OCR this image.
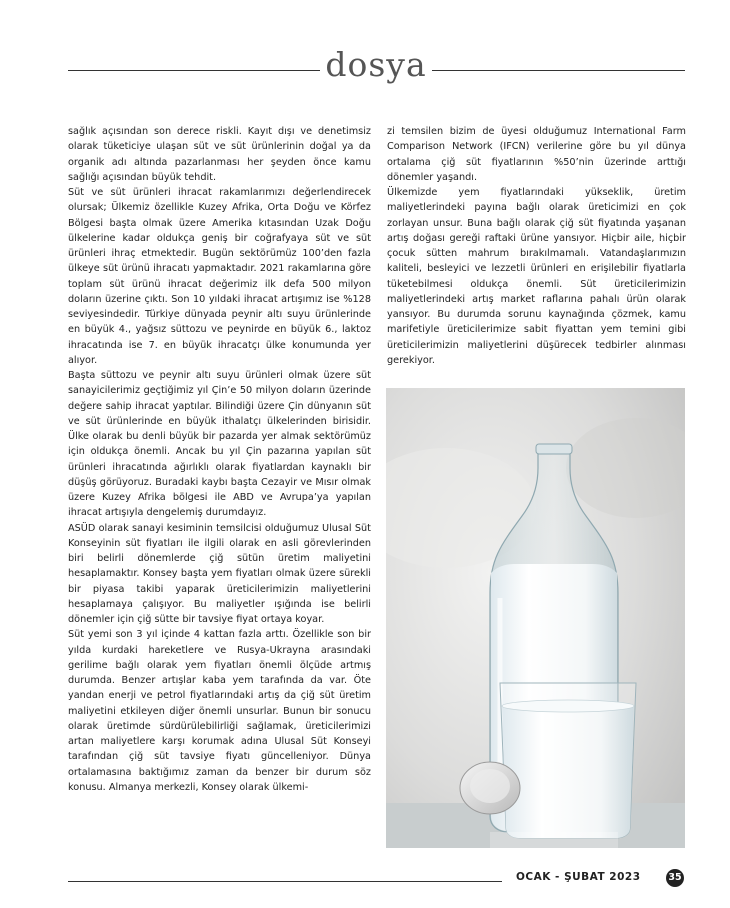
dosya

sağlık açısından son derece riskli. Kayıt dışı ve denetimsiz olarak tüketiciye ulaşan süt ve süt ürünlerinin doğal ya da organik adı altında pazarlanması her şeyden önce kamu sağlığı açısından büyük tehdit.

Süt ve süt ürünleri ihracat rakamlarımızı değerlendirecek olursak; Ülkemiz özellikle Kuzey Afrika, Orta Doğu ve Körfez Bölgesi başta olmak üzere Amerika kıtasından Uzak Doğu ülkelerine kadar oldukça geniş bir coğrafyaya süt ve süt ürünleri ihraç etmektedir. Bugün sektörümüz 100’den fazla ülkeye süt ürünü ihracatı yapmaktadır. 2021 rakamlarına göre toplam süt ürünü ihracat değerimiz ilk defa 500 milyon doların üzerine çıktı. Son 10 yıldaki ihracat artışımız ise %128 seviyesindedir. Türkiye dünyada peynir altı suyu ürünlerinde en büyük 4., yağsız süttozu ve peynirde en büyük 6., laktoz ihracatında ise 7. en büyük ihracatçı ülke konumunda yer alıyor.

Başta süttozu ve peynir altı suyu ürünleri olmak üzere süt sanayicilerimiz geçtiğimiz yıl Çin’e 50 milyon doların üzerinde değere sahip ihracat yaptılar. Bilindiği üzere Çin dünyanın süt ve süt ürünlerinde en büyük ithalatçı ülkelerinden birisidir. Ülke olarak bu denli büyük bir pazarda yer almak sektörümüz için oldukça önemli. Ancak bu yıl Çin pazarına yapılan süt ürünleri ihracatında ağırlıklı olarak fiyatlardan kaynaklı bir düşüş görüyoruz. Buradaki kaybı başta Cezayir ve Mısır olmak üzere Kuzey Afrika bölgesi ile ABD ve Avrupa’ya yapılan ihracat artışıyla dengelemiş durumdayız.

ASÜD olarak sanayi kesiminin temsilcisi olduğumuz Ulusal Süt Konseyinin süt fiyatları ile ilgili olarak en asli görevlerinden biri belirli dönemlerde çiğ sütün üretim maliyetini hesaplamaktır. Konsey başta yem fiyatları olmak üzere sürekli bir piyasa takibi yaparak üreticilerimizin maliyetlerini hesaplamaya çalışıyor. Bu maliyetler ışığında ise belirli dönemler için çiğ sütte bir tavsiye fiyat ortaya koyar.

Süt yemi son 3 yıl içinde 4 kattan fazla arttı. Özellikle son bir yılda kurdaki hareketlere ve Rusya-Ukrayna arasındaki gerilime bağlı olarak yem fiyatları önemli ölçüde artmış durumda. Benzer artışlar kaba yem tarafında da var. Öte yandan enerji ve petrol fiyatlarındaki artış da çiğ süt üretim maliyetini etkileyen diğer önemli unsurlar. Bunun bir sonucu olarak üretimde sürdürülebilirliği sağlamak, üreticilerimizi artan maliyetlere karşı korumak adına Ulusal Süt Konseyi tarafından çiğ süt tavsiye fiyatı güncelleniyor. Dünya ortalamasına baktığımız zaman da benzer bir durum söz konusu. Almanya merkezli, Konsey olarak ülkemi-

zi temsilen bizim de üyesi olduğumuz International Farm Comparison Network (IFCN) verilerine göre bu yıl dünya ortalama çiğ süt fiyatlarının %50’nin üzerinde arttığı dönemler yaşandı.

Ülkemizde yem fiyatlarındaki yükseklik, üretim maliyetlerindeki payına bağlı olarak üreticimizi en çok zorlayan unsur. Buna bağlı olarak çiğ süt fiyatında yaşanan artış doğası gereği raftaki ürüne yansıyor. Hiçbir aile, hiçbir çocuk sütten mahrum bırakılmamalı. Vatandaşlarımızın kaliteli, besleyici ve lezzetli ürünleri en erişilebilir fiyatlarla tüketebilmesi oldukça önemli. Süt üreticilerimizin maliyetlerindeki artış market raflarına pahalı ürün olarak yansıyor. Bu durumda sorunu kaynağında çözmek, kamu marifetiyle üreticilerimize sabit fiyattan yem temini gibi üreticilerimizin maliyetlerini düşürecek tedbirler alınması gerekiyor.

OCAK - ŞUBAT 2023	35
